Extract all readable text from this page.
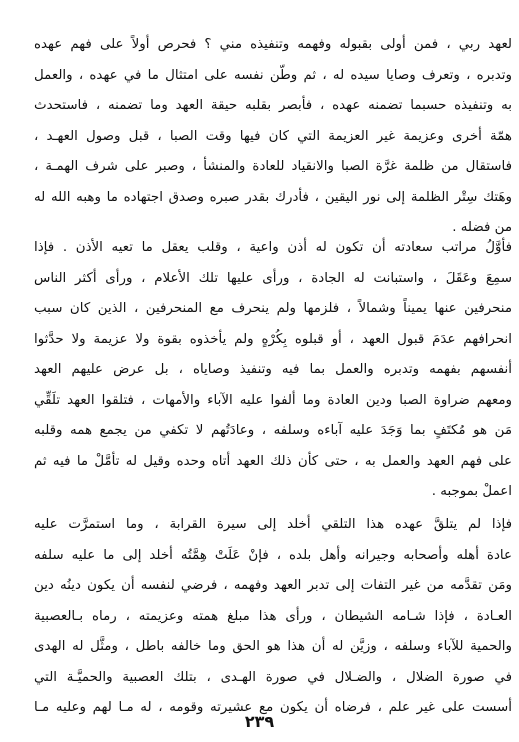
لعهد ربي ، فمن أولى بقبوله وفهمه وتنفيذه مني ؟ فحرص أولاً على فهم عهده
وتدبره ، وتعرف وصايا سيده له ، ثم وطّن نفسه على امتثال ما في عهده ، والعمل
به وتنفيذه حسبما تضمنه عهده ، فأبصر بقلبه حيقة العهد وما تضمنه ، فاستحدث
همّة أخرى وعزيمة غير العزيمة التي كان فيها وقت الصبا ، قبل وصول العهـد ،
فاستقال من ظلمة غرَّة الصبا والانقياد للعادة والمنشأ ، وصبر على شرف الهمـة ،
وهَتك سِتْر الظلمة إلى نور اليقين ، فأدرك بقدر صبره وصدق اجتهاده ما وهبه الله له
من فضله .
فأوَّلُ مراتب سعادته أن تكون له أذن واعية ، وقلب يعقل ما تعيه الأذن . فإذا
سمِعَ وعَقَلَ ، واستبانت له الجادة ، ورأى عليها تلك الأعلام ، ورأى أكثر الناس
منحرفين عنها يميناً وشمالاً ، فلزمها ولم ينحرف مع المنحرفين ، الذين كان سبب
انحرافهم عدَمَ قبول العهد ، أو قبلوه بِكُرْهٍ ولم يأخذوه بقوة ولا عزيمة ولا حدَّثوا
أنفسهم بفهمه وتدبره والعمل بما فيه وتنفيذ وصاياه ، بل عرض عليهم العهد
ومعهم ضراوة الصبا ودين العادة وما ألفوا عليه الآباء والأمهات ، فتلقوا العهد تلَقِّي
مَن هو مُكتَفٍ بما وَجَدَ عليه آباءه وسلفه ، وعادَتُهم لا تكفي من يجمع همه وقلبه
على فهم العهد والعمل به ، حتى كأن ذلك العهد أتاه وحده وقيل له تأمَّلْ ما فيه ثم
اعملْ بموجبه .
فإذا لم يتلقَّ عهده هذا التلقي أخلد إلى سيرة القرابة ، وما استمرَّت عليه
عادة أهله وأصحابه وجيرانه وأهل بلده ، فإنْ عَلَتْ هِمَّتُه أخلد إلى ما عليه سلفه
ومَن تقدَّمه من غير التفات إلى تدبر العهد وفهمه ، فرضي لنفسه أن يكون دينُه دين
العـادة ، فإذا شـامه الشيطان ، ورأى هذا مبلغ همته وعزيمته ، رماه بـالعصبية
والحمية للآباء وسلفه ، وزيَّن له أن هذا هو الحق وما خالفه باطل ، ومثَّل له الهدى
في صورة الضلال ، والضـلال في صورة الهـدى ، بتلك العصبية والحميَّـة التي
أسست على غير علم ، فرضاه أن يكون مع عشيرته وقومه ، له مـا لهم وعليه مـا
٢٣٩
